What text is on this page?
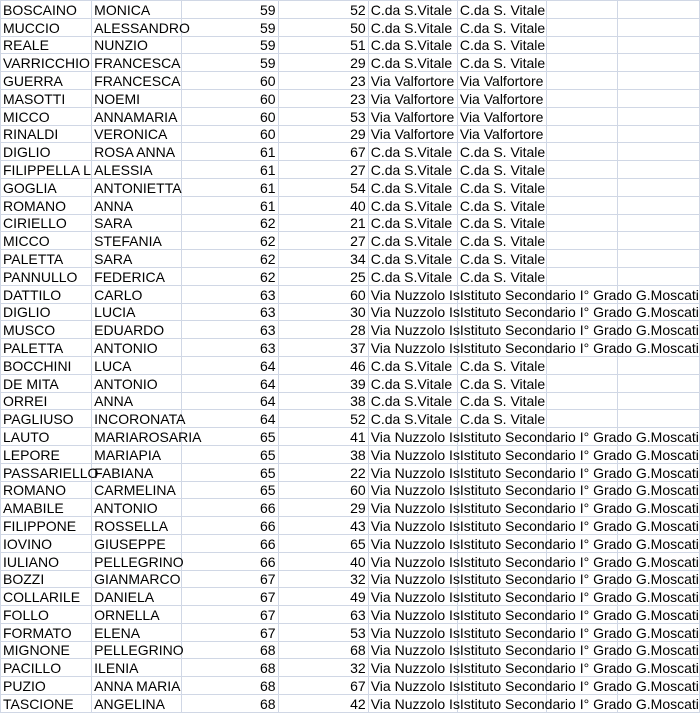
BOSCAINO	MONICA	59	52	C.da S.Vitale	C.da S. Vitale		
MUCCIO	ALESSANDRO	59	50	C.da S.Vitale	C.da S. Vitale		
REALE	NUNZIO	59	51	C.da S.Vitale	C.da S. Vitale		
VARRICCHIO	FRANCESCA	59	29	C.da S.Vitale	C.da S. Vitale		
GUERRA	FRANCESCA	60	23	Via Valfortore	Via Valfortore		
MASOTTI	NOEMI	60	23	Via Valfortore	Via Valfortore		
MICCO	ANNAMARIA	60	53	Via Valfortore	Via Valfortore		
RINALDI	VERONICA	60	29	Via Valfortore	Via Valfortore		
DIGLIO	ROSA ANNA	61	67	C.da S.Vitale	C.da S. Vitale		
FILIPPELLA L	ALESSIA	61	27	C.da S.Vitale	C.da S. Vitale		
GOGLIA	ANTONIETTA	61	54	C.da S.Vitale	C.da S. Vitale		
ROMANO	ANNA	61	40	C.da S.Vitale	C.da S. Vitale		
CIRIELLO	SARA	62	21	C.da S.Vitale	C.da S. Vitale		
MICCO	STEFANIA	62	27	C.da S.Vitale	C.da S. Vitale		
PALETTA	SARA	62	34	C.da S.Vitale	C.da S. Vitale		
PANNULLO	FEDERICA	62	25	C.da S.Vitale	C.da S. Vitale		
DATTILO	CARLO	63	60	Via Nuzzolo Is	Istituto Secondario I° Grado G.Moscati		
DIGLIO	LUCIA	63	30	Via Nuzzolo Is	Istituto Secondario I° Grado G.Moscati		
MUSCO	EDUARDO	63	28	Via Nuzzolo Is	Istituto Secondario I° Grado G.Moscati		
PALETTA	ANTONIO	63	37	Via Nuzzolo Is	Istituto Secondario I° Grado G.Moscati		
BOCCHINI	LUCA	64	46	C.da S.Vitale	C.da S. Vitale		
DE MITA	ANTONIO	64	39	C.da S.Vitale	C.da S. Vitale		
ORREI	ANNA	64	38	C.da S.Vitale	C.da S. Vitale		
PAGLIUSO	INCORONATA	64	52	C.da S.Vitale	C.da S. Vitale		
LAUTO	MARIAROSARIA	65	41	Via Nuzzolo Is	Istituto Secondario I° Grado G.Moscati		
LEPORE	MARIAPIA	65	38	Via Nuzzolo Is	Istituto Secondario I° Grado G.Moscati		
PASSARIELLO	FABIANA	65	22	Via Nuzzolo Is	Istituto Secondario I° Grado G.Moscati		
ROMANO	CARMELINA	65	60	Via Nuzzolo Is	Istituto Secondario I° Grado G.Moscati		
AMABILE	ANTONIO	66	29	Via Nuzzolo Is	Istituto Secondario I° Grado G.Moscati		
FILIPPONE	ROSSELLA	66	43	Via Nuzzolo Is	Istituto Secondario I° Grado G.Moscati		
IOVINO	GIUSEPPE	66	65	Via Nuzzolo Is	Istituto Secondario I° Grado G.Moscati		
IULIANO	PELLEGRINO	66	40	Via Nuzzolo Is	Istituto Secondario I° Grado G.Moscati		
BOZZI	GIANMARCO	67	32	Via Nuzzolo Is	Istituto Secondario I° Grado G.Moscati		
COLLARILE	DANIELA	67	49	Via Nuzzolo Is	Istituto Secondario I° Grado G.Moscati		
FOLLO	ORNELLA	67	63	Via Nuzzolo Is	Istituto Secondario I° Grado G.Moscati		
FORMATO	ELENA	67	53	Via Nuzzolo Is	Istituto Secondario I° Grado G.Moscati		
MIGNONE	PELLEGRINO	68	68	Via Nuzzolo Is	Istituto Secondario I° Grado G.Moscati		
PACILLO	ILENIA	68	32	Via Nuzzolo Is	Istituto Secondario I° Grado G.Moscati		
PUZIO	ANNA MARIA	68	67	Via Nuzzolo Is	Istituto Secondario I° Grado G.Moscati		
TASCIONE	ANGELINA	68	42	Via Nuzzolo Is	Istituto Secondario I° Grado G.Moscati		
